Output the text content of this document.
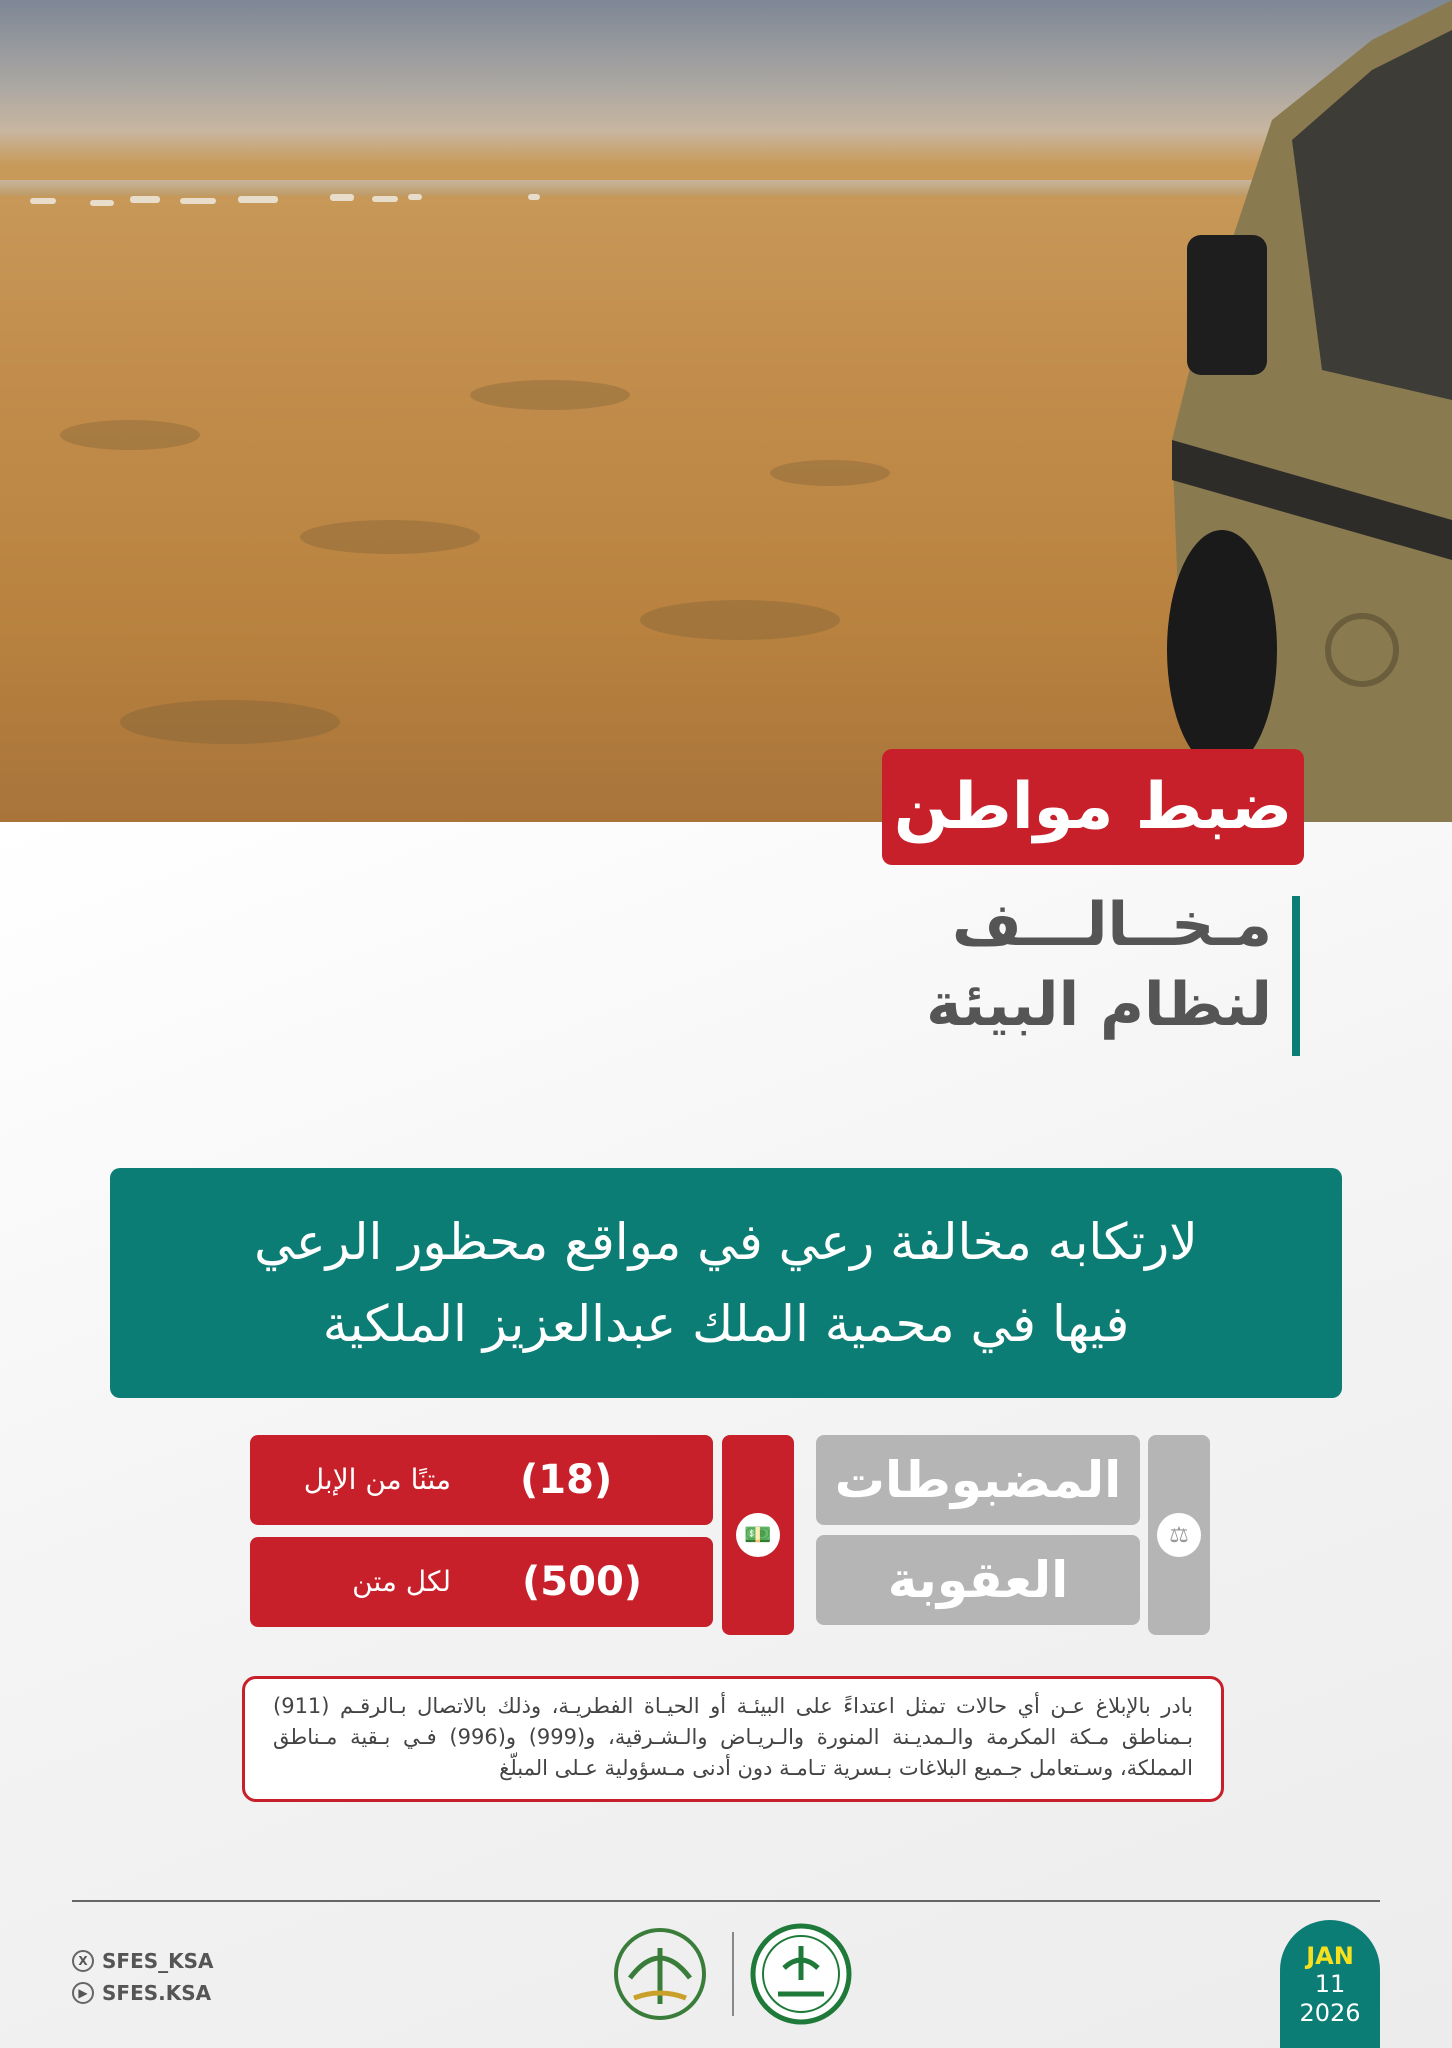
ضبط مواطن
مـخــالـــف
لنظام البيئة
لارتكابه مخالفة رعي في مواقع محظور الرعي
فيها في محمية الملك عبدالعزيز الملكية
⚖
المضبوطات
العقوبة
💵
(18)
متنًا من الإبل
(500)
لكل متن
بادر بالإبلاغ عـن أي حالات تمثل اعتداءً على البيئـة أو الحيـاة الفطريـة، وذلك بالاتصال بـالرقـم (911) بـمناطق مـكة المكرمة والـمديـنة المنورة والـريـاض والـشـرقية، و(999) و(996) فـي بـقية مـناطق المملكة، وسـتعامل جـميع البلاغات بـسرية تـامـة دون أدنى مـسؤولية عـلى المبلّغ
X SFES_KSA
▶ SFES.KSA
JAN
11
2026
